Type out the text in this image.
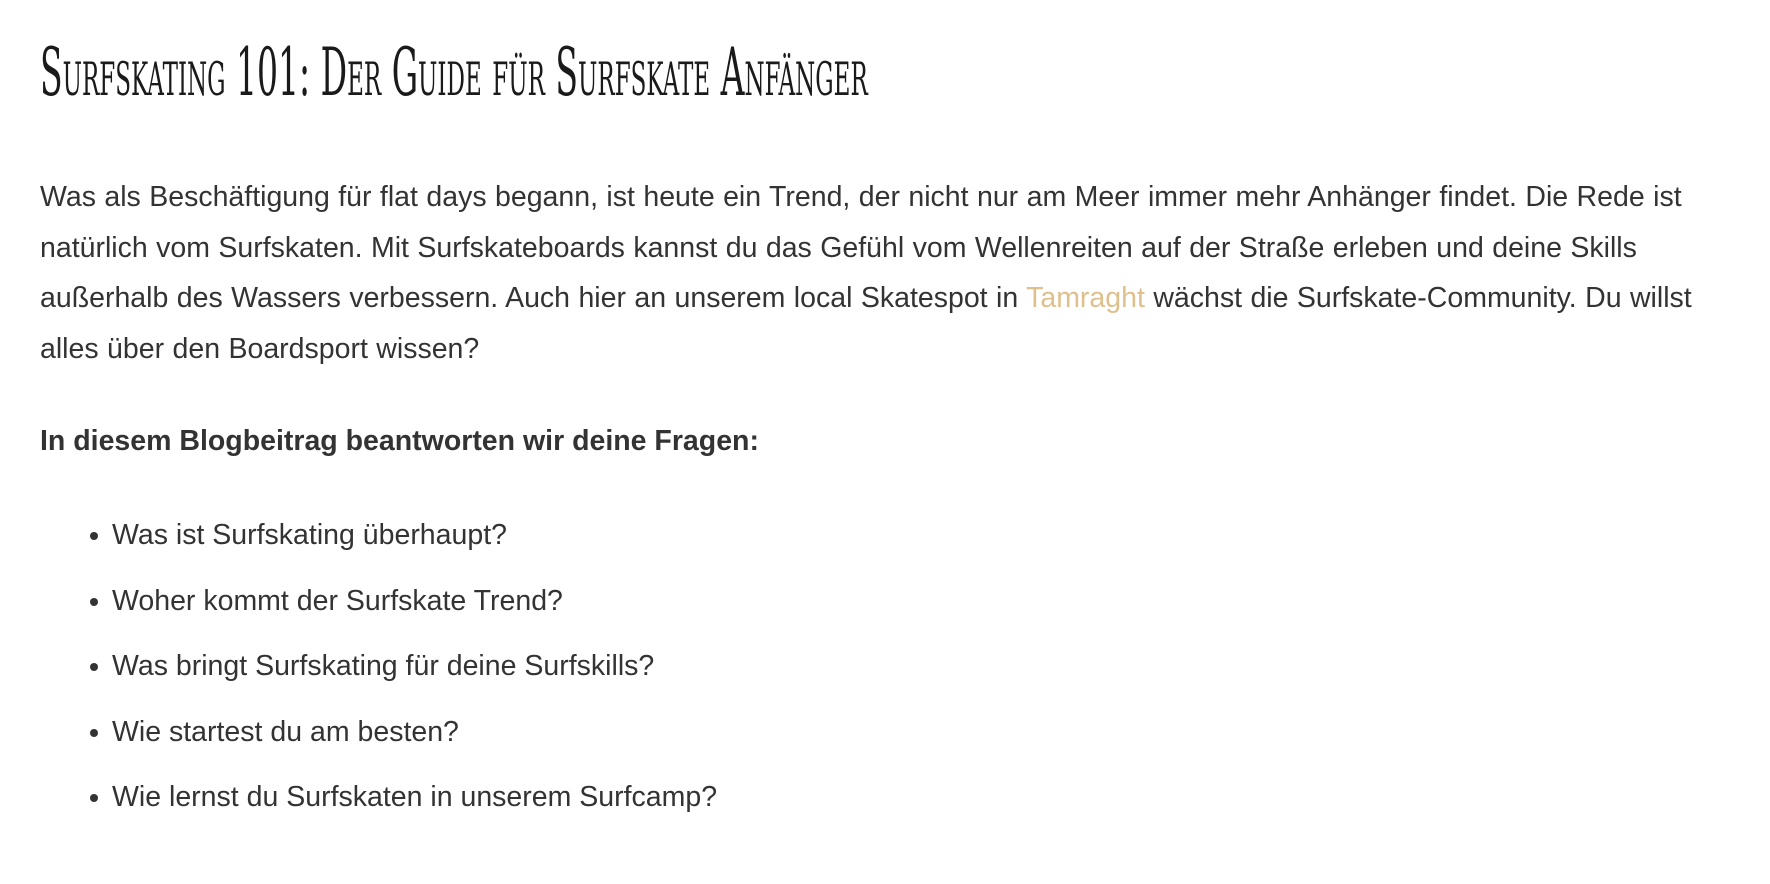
Surfskating 101: Der Guide für Surfskate Anfänger

Was als Beschäftigung für flat days begann, ist heute ein Trend, der nicht nur am Meer immer mehr Anhänger findet. Die Rede ist natürlich vom Surfskaten. Mit Surfskateboards kannst du das Gefühl vom Wellenreiten auf der Straße erleben und deine Skills außerhalb des Wassers verbessern. Auch hier an unserem local Skatespot in Tamraght wächst die Surfskate-Community. Du willst alles über den Boardsport wissen?

In diesem Blogbeitrag beantworten wir deine Fragen:

Was ist Surfskating überhaupt?
Woher kommt der Surfskate Trend?
Was bringt Surfskating für deine Surfskills?
Wie startest du am besten?
Wie lernst du Surfskaten in unserem Surfcamp?
